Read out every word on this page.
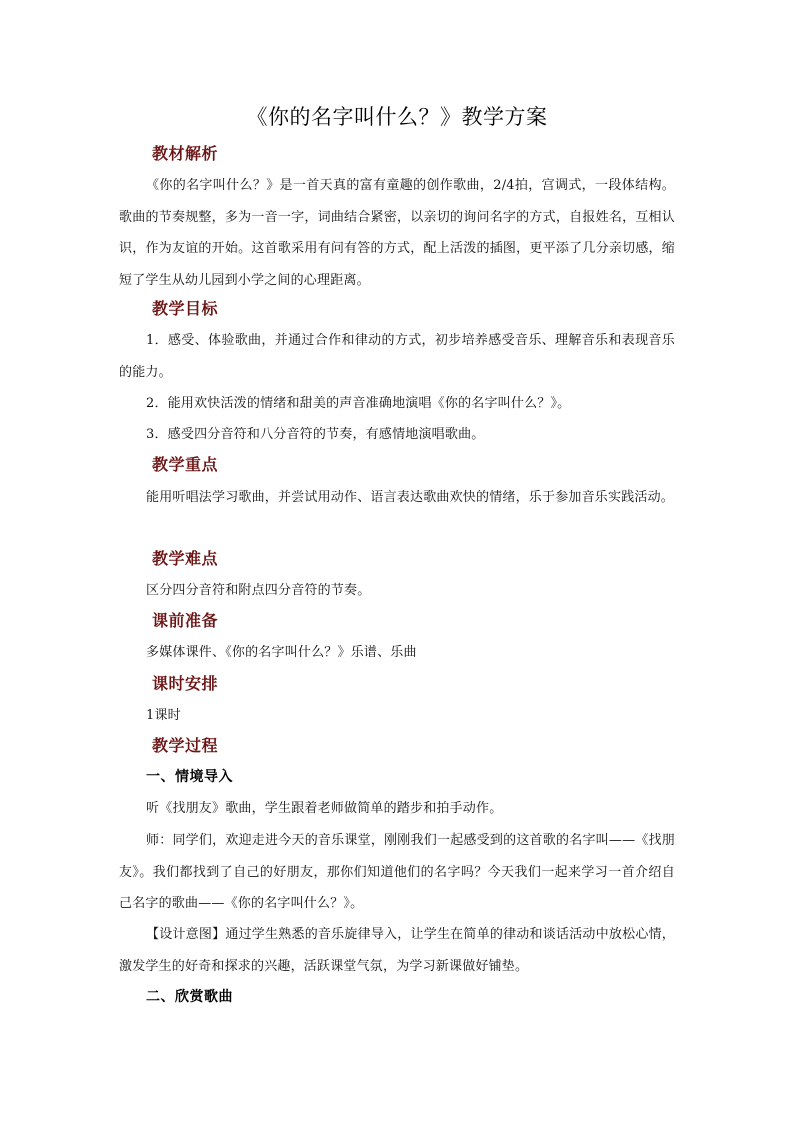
《你的名字叫什么？》教学方案
教材解析
《你的名字叫什么？》是一首天真的富有童趣的创作歌曲，2/4拍，宫调式，一段体结构。歌曲的节奏规整，多为一音一字，词曲结合紧密，以亲切的询问名字的方式，自报姓名，互相认识，作为友谊的开始。这首歌采用有问有答的方式，配上活泼的插图，更平添了几分亲切感，缩短了学生从幼儿园到小学之间的心理距离。
教学目标
1．感受、体验歌曲，并通过合作和律动的方式，初步培养感受音乐、理解音乐和表现音乐的能力。
2．能用欢快活泼的情绪和甜美的声音准确地演唱《你的名字叫什么？》。
3．感受四分音符和八分音符的节奏，有感情地演唱歌曲。
教学重点
能用听唱法学习歌曲，并尝试用动作、语言表达歌曲欢快的情绪，乐于参加音乐实践活动。
教学难点
区分四分音符和附点四分音符的节奏。
课前准备
多媒体课件、《你的名字叫什么？》乐谱、乐曲
课时安排
1课时
教学过程
一、情境导入
听《找朋友》歌曲，学生跟着老师做简单的踏步和拍手动作。
师：同学们，欢迎走进今天的音乐课堂，刚刚我们一起感受到的这首歌的名字叫——《找朋友》。我们都找到了自己的好朋友，那你们知道他们的名字吗？今天我们一起来学习一首介绍自己名字的歌曲——《你的名字叫什么？》。
【设计意图】通过学生熟悉的音乐旋律导入，让学生在简单的律动和谈话活动中放松心情，激发学生的好奇和探求的兴趣，活跃课堂气氛，为学习新课做好铺垫。
二、欣赏歌曲
